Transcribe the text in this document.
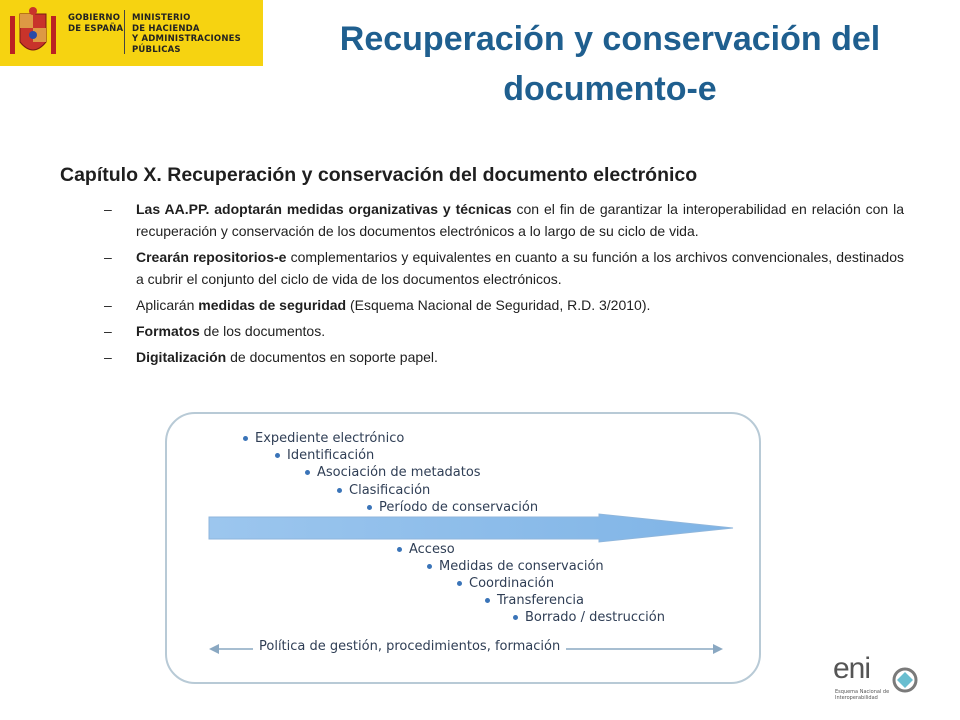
GOBIERNO
DE ESPAÑA
MINISTERIO
DE HACIENDA
Y ADMINISTRACIONES PÚBLICAS	Recuperación y conservación del
documento-e
Capítulo X. Recuperación y conservación del documento electrónico
– Las AA.PP. adoptarán medidas organizativas y técnicas con el fin de garantizar la interoperabilidad en relación con la recuperación y conservación de los documentos electrónicos a lo largo de su ciclo de vida.
– Crearán repositorios-e complementarios y equivalentes en cuanto a su función a los archivos convencionales, destinados a cubrir el conjunto del ciclo de vida de los documentos electrónicos.
– Aplicarán medidas de seguridad (Esquema Nacional de Seguridad, R.D. 3/2010).
– Formatos de los documentos.
– Digitalización de documentos en soporte papel.
Expediente electrónico
Identificación
Asociación de metadatos
Clasificación
Período de conservación
Acceso
Medidas de conservación
Coordinación
Transferencia
Borrado / destrucción
Política de gestión, procedimientos, formación
eni
Esquema Nacional de
Interoperabilidad
